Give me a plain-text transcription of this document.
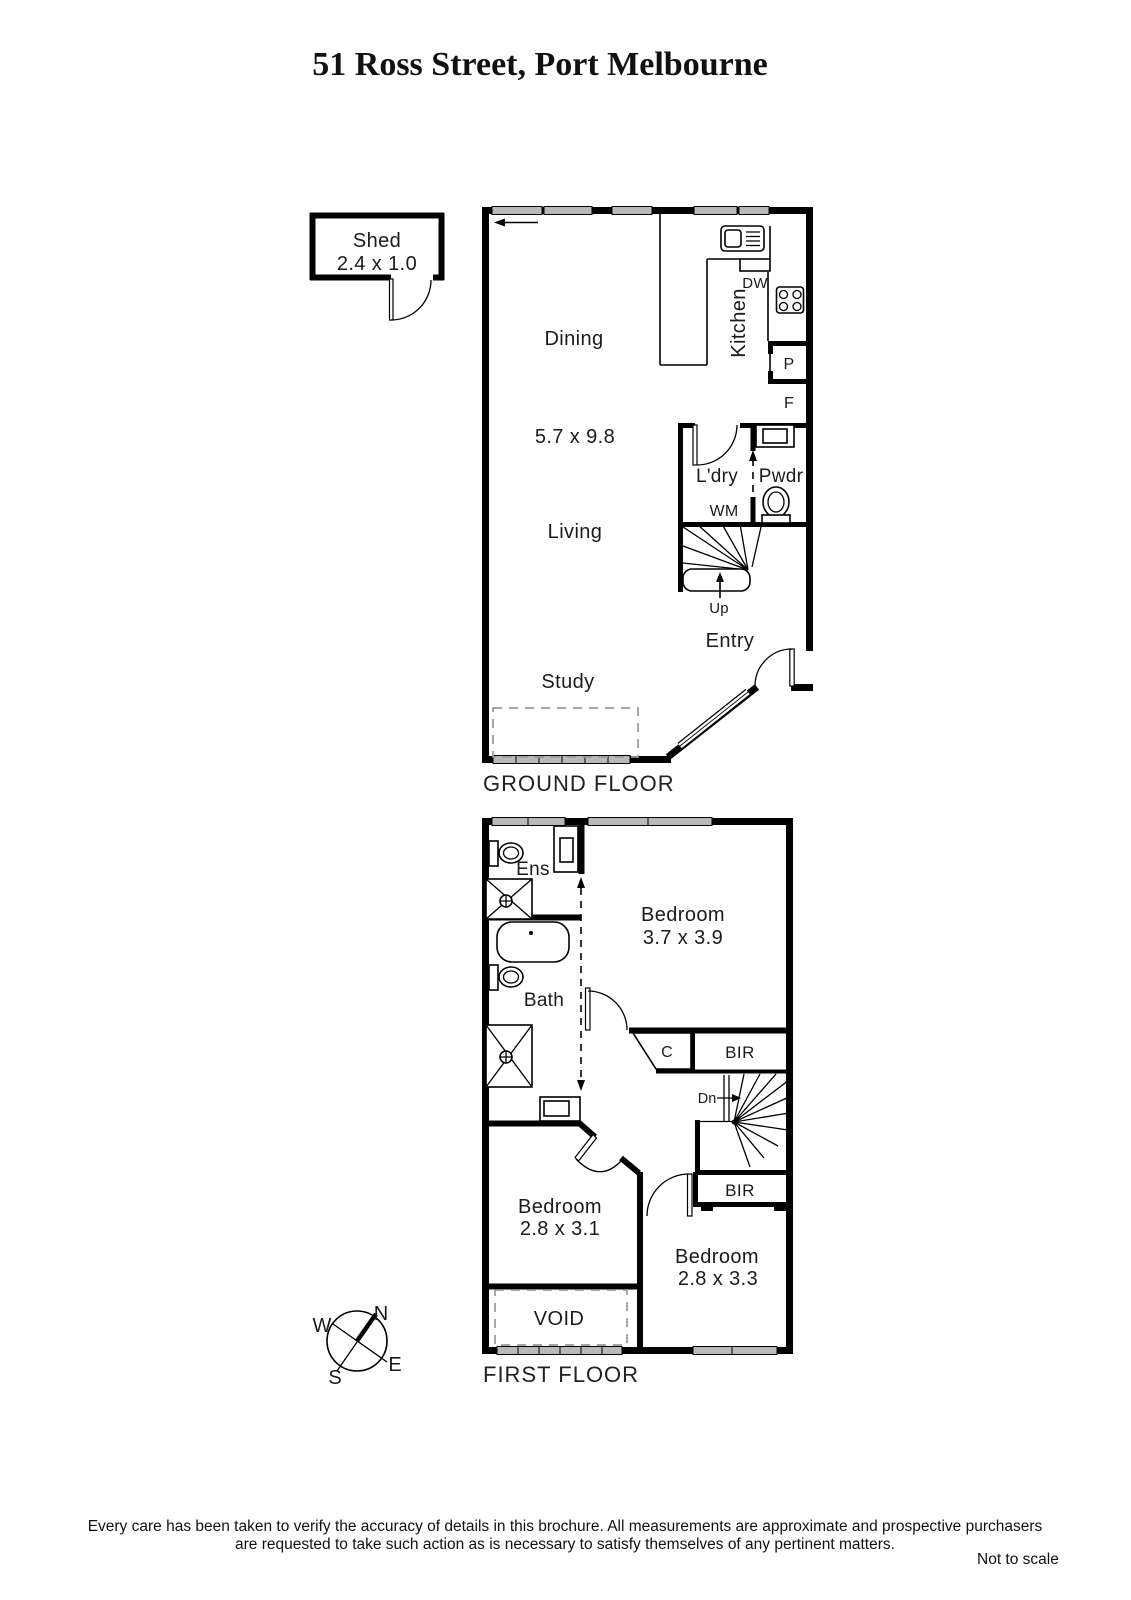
51 Ross Street, Port Melbourne
Shed
2.4 x 1.0
Dining
5.7 x 9.8
Living
Study
Entry
Kitchen
L'dry Pwdr
WM
DW
P
F
Up
GROUND FLOOR
Ens
Bath
Bedroom
3.7 x 3.9
Bedroom
2.8 x 3.1
Bedroom
2.8 x 3.3
C	BIR
BIR
Dn
VOID
FIRST FLOOR
N
W
E
S
Every care has been taken to verify the accuracy of details in this brochure. All measurements are approximate and prospective purchasers
are requested to take such action as is necessary to satisfy themselves of any pertinent matters.
Not to scale
